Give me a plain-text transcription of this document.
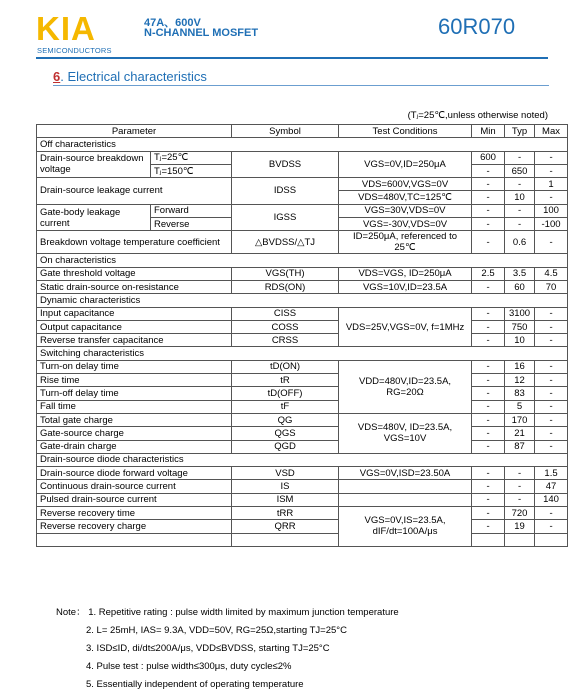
KIA
SEMICONDUCTORS
47A、600V
N-CHANNEL MOSFET	60R070
6. Electrical characteristics
(Tⱼ=25℃,unless otherwise noted)
Parameter		Symbol	Test Conditions	Min	Typ	Max	
Off characteristics							
Drain-source breakdown voltage	Tⱼ=25℃	BVDSS	VGS=0V,ID=250μA	600	-	-	
	Tⱼ=150℃			-	650	-	
Drain-source leakage current		IDSS	VDS=600V,VGS=0V	-	-	1	
			VDS=480V,TC=125℃	-	10	-	
Gate-body leakage current	Forward	IGSS	VGS=30V,VDS=0V	-	-	100	
	Reverse		VGS=-30V,VDS=0V	-	-	-100	
Breakdown voltage temperature coefficient		△BVDSS/△TJ	ID=250μA, referenced to 25℃	-	0.6	-	
On characteristics							
Gate threshold voltage		VGS(TH)	VDS=VGS, ID=250μA	2.5	3.5	4.5	
Static drain-source on-resistance		RDS(ON)	VGS=10V,ID=23.5A	-	60	70	
Dynamic characteristics							
Input capacitance		CISS	VDS=25V,VGS=0V, f=1MHz	-	3100	-	
Output capacitance		COSS		-	750	-	
Reverse transfer capacitance		CRSS		-	10	-	
Switching characteristics							
Turn-on delay time		tD(ON)	VDD=480V,ID=23.5A, RG=20Ω	-	16	-	
Rise time		tR		-	12	-	
Turn-off delay time		tD(OFF)		-	83	-	
Fall time		tF		-	5	-	
Total gate charge		QG	VDS=480V, ID=23.5A, VGS=10V	-	170	-	
Gate-source charge		QGS		-	21	-	
Gate-drain charge		QGD		-	87	-	
Drain-source diode characteristics							
Drain-source diode forward voltage		VSD	VGS=0V,ISD=23.50A	-	-	1.5	
Continuous drain-source current		IS		-	-	47	
Pulsed drain-source current		ISM		-	-	140	
Reverse recovery time		tRR	VGS=0V,IS=23.5A, dIF/dt=100A/μs	-	720	-	
Reverse recovery charge		QRR		-	19	-	

Note： 1. Repetitive rating : pulse width limited by maximum junction temperature
2. L= 25mH, IAS= 9.3A, VDD=50V, RG=25Ω,starting TJ=25°C
3. ISD≤ID, di/dt≤200A/μs, VDD≤BVDSS, starting TJ=25°C
4. Pulse test : pulse width≤300μs, duty cycle≤2%
5. Essentially independent of operating temperature
